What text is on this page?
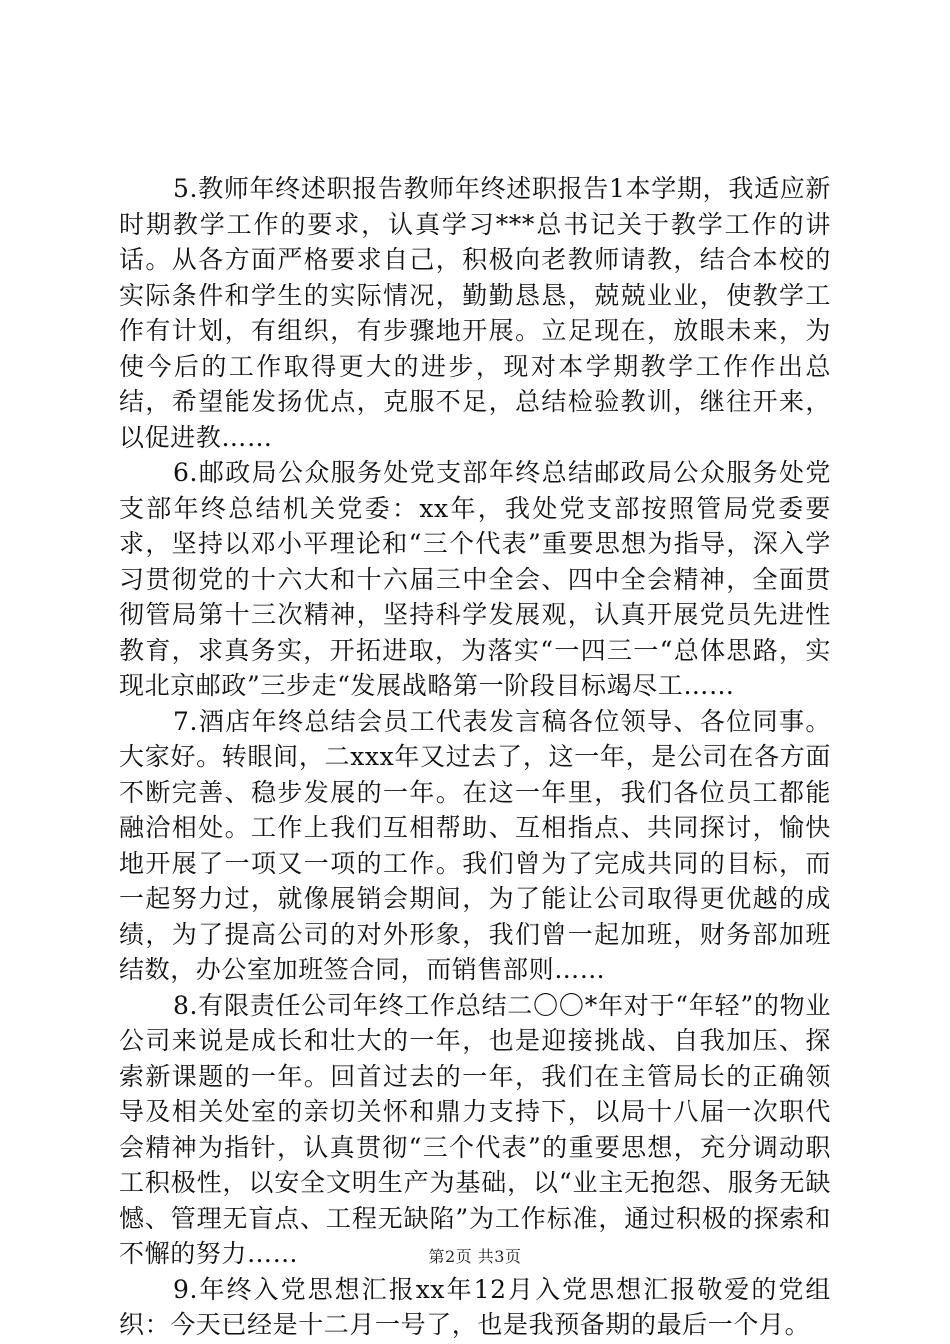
5.教师年终述职报告教师年终述职报告1本学期，我适应新时期教学工作的要求，认真学习***总书记关于教学工作的讲话。从各方面严格要求自己，积极向老教师请教，结合本校的实际条件和学生的实际情况，勤勤恳恳，兢兢业业，使教学工作有计划，有组织，有步骤地开展。立足现在，放眼未来，为使今后的工作取得更大的进步，现对本学期教学工作作出总结，希望能发扬优点，克服不足，总结检验教训，继往开来，以促进教……

6.邮政局公众服务处党支部年终总结邮政局公众服务处党支部年终总结机关党委：xx年，我处党支部按照管局党委要求，坚持以邓小平理论和“三个代表”重要思想为指导，深入学习贯彻党的十六大和十六届三中全会、四中全会精神，全面贯彻管局第十三次精神，坚持科学发展观，认真开展党员先进性教育，求真务实，开拓进取，为落实“一四三一“总体思路，实现北京邮政”三步走“发展战略第一阶段目标竭尽工……

7.酒店年终总结会员工代表发言稿各位领导、各位同事。大家好。转眼间，二xxx年又过去了，这一年，是公司在各方面不断完善、稳步发展的一年。在这一年里，我们各位员工都能融洽相处。工作上我们互相帮助、互相指点、共同探讨，愉快地开展了一项又一项的工作。我们曾为了完成共同的目标，而一起努力过，就像展销会期间，为了能让公司取得更优越的成绩，为了提高公司的对外形象，我们曾一起加班，财务部加班结数，办公室加班签合同，而销售部则……

8.有限责任公司年终工作总结二〇〇*年对于“年轻”的物业公司来说是成长和壮大的一年，也是迎接挑战、自我加压、探索新课题的一年。回首过去的一年，我们在主管局长的正确领导及相关处室的亲切关怀和鼎力支持下，以局十八届一次职代会精神为指针，认真贯彻“三个代表”的重要思想，充分调动职工积极性，以安全文明生产为基础，以“业主无抱怨、服务无缺憾、管理无盲点、工程无缺陷”为工作标准，通过积极的探索和不懈的努力……

9.年终入党思想汇报xx年12月入党思想汇报敬爱的党组织：今天已经是十二月一号了，也是我预备期的最后一个月。

第2页 共3页
